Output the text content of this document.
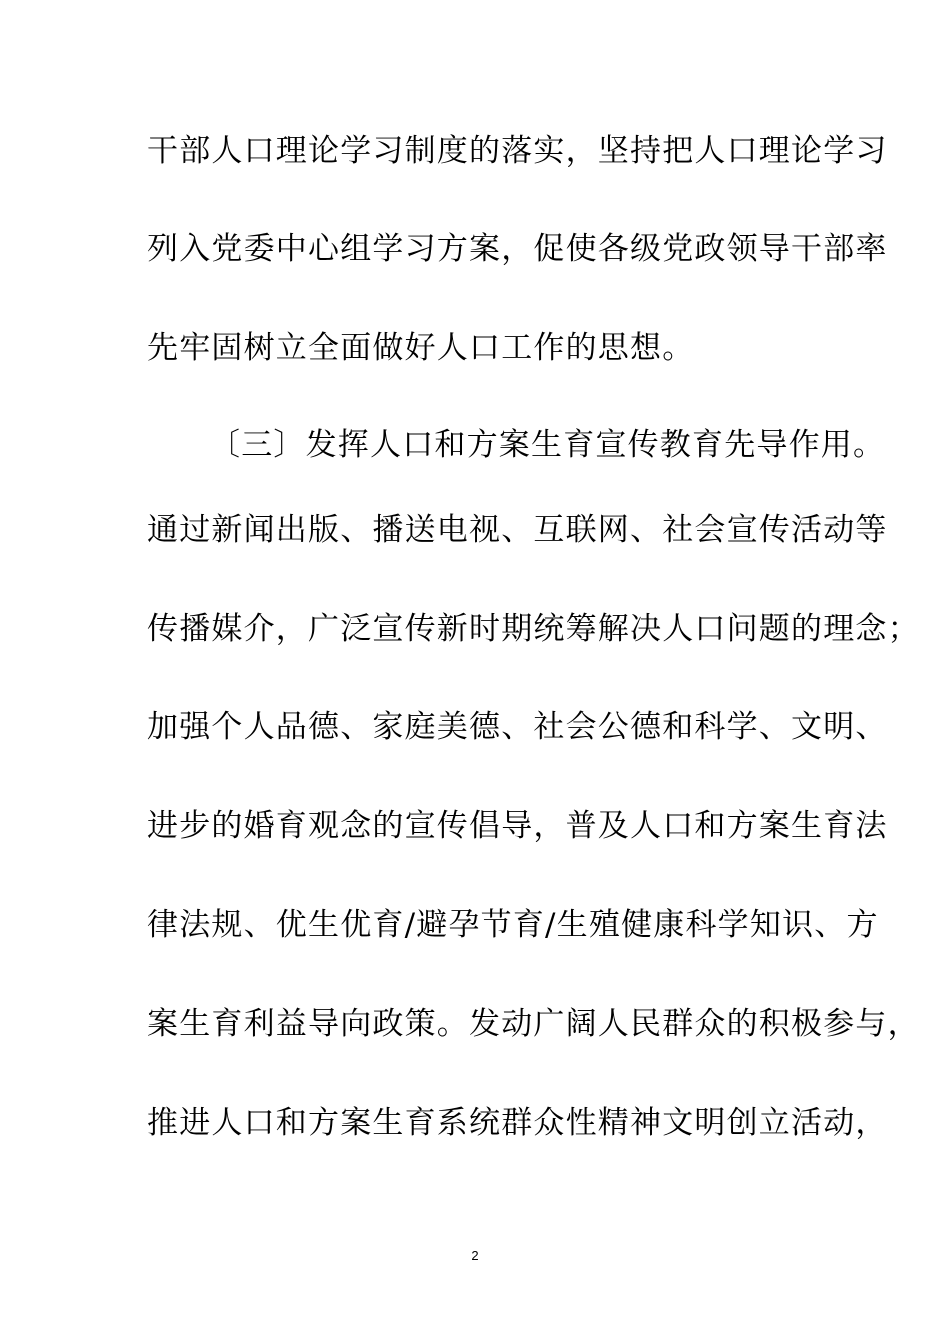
干部人口理论学习制度的落实，坚持把人口理论学习
列入党委中心组学习方案，促使各级党政领导干部率
先牢固树立全面做好人口工作的思想。
〔三〕发挥人口和方案生育宣传教育先导作用。
通过新闻出版、播送电视、互联网、社会宣传活动等
传播媒介，广泛宣传新时期统筹解决人口问题的理念；
加强个人品德、家庭美德、社会公德和科学、文明、
进步的婚育观念的宣传倡导，普及人口和方案生育法
律法规、优生优育/避孕节育/生殖健康科学知识、方
案生育利益导向政策。发动广阔人民群众的积极参与，
推进人口和方案生育系统群众性精神文明创立活动，
2
